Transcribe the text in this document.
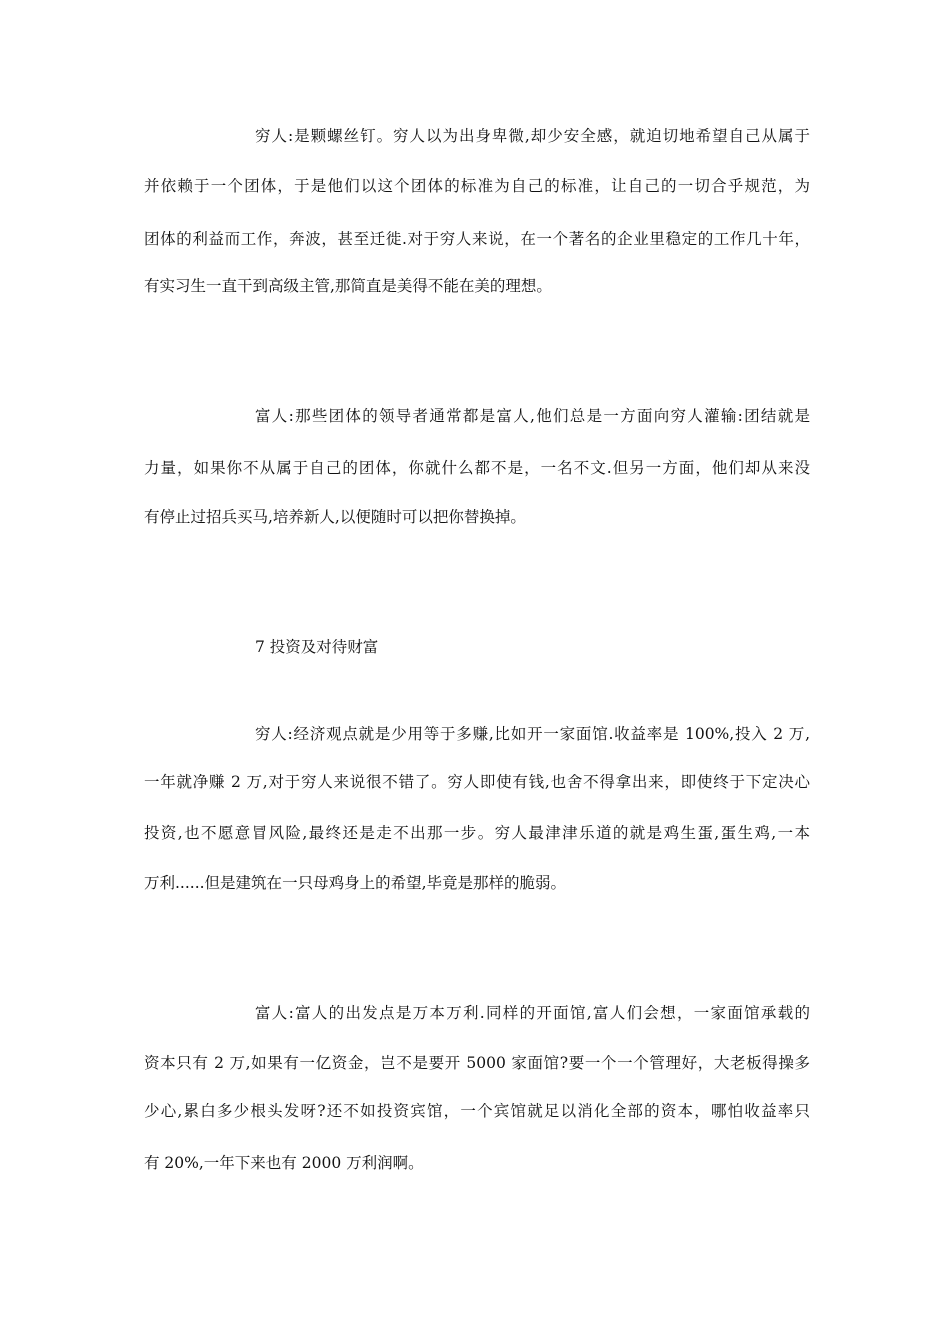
穷人:是颗螺丝钉。穷人以为出身卑微,却少安全感，就迫切地希望自己从属于
并依赖于一个团体，于是他们以这个团体的标准为自己的标准，让自己的一切合乎规范，为
团体的利益而工作，奔波，甚至迁徙.对于穷人来说，在一个著名的企业里稳定的工作几十年，
有实习生一直干到高级主管,那简直是美得不能在美的理想。
富人:那些团体的领导者通常都是富人,他们总是一方面向穷人灌输:团结就是
力量，如果你不从属于自己的团体，你就什么都不是，一名不文.但另一方面，他们却从来没
有停止过招兵买马,培养新人,以便随时可以把你替换掉。
7 投资及对待财富
穷人:经济观点就是少用等于多赚,比如开一家面馆.收益率是 100%,投入 2 万,
一年就净赚 2 万,对于穷人来说很不错了。穷人即使有钱,也舍不得拿出来，即使终于下定决心
投资,也不愿意冒风险,最终还是走不出那一步。穷人最津津乐道的就是鸡生蛋,蛋生鸡,一本
万利......但是建筑在一只母鸡身上的希望,毕竟是那样的脆弱。
富人:富人的出发点是万本万利.同样的开面馆,富人们会想，一家面馆承载的
资本只有 2 万,如果有一亿资金，岂不是要开 5000 家面馆?要一个一个管理好，大老板得操多
少心,累白多少根头发呀?还不如投资宾馆，一个宾馆就足以消化全部的资本，哪怕收益率只
有 20%,一年下来也有 2000 万利润啊。
